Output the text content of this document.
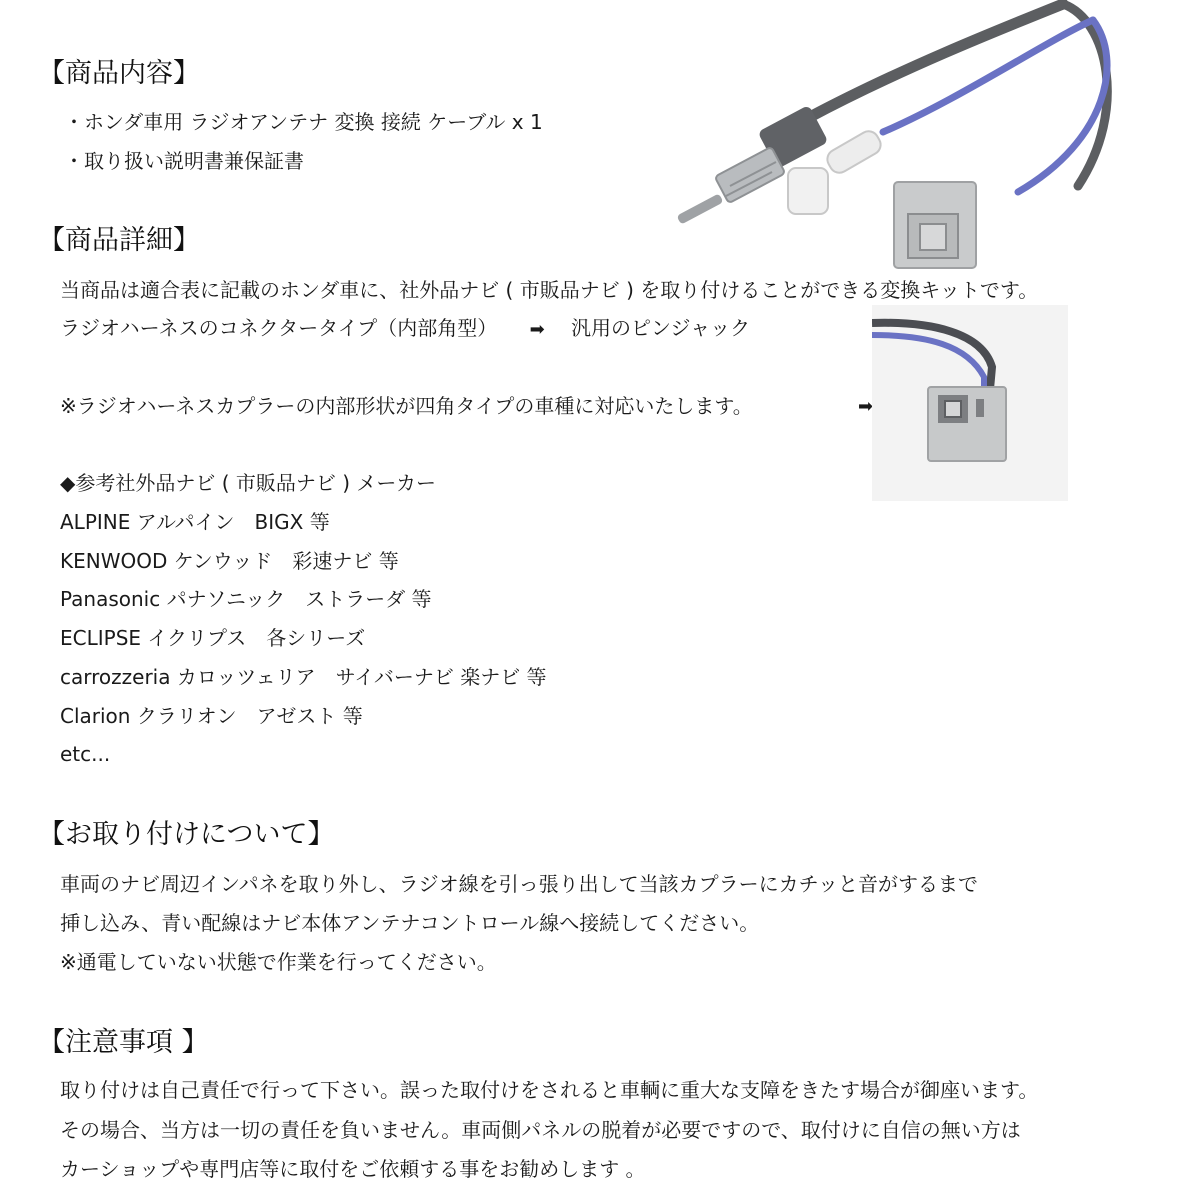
【商品内容】
・ホンダ車用 ラジオアンテナ 変換 接続 ケーブル x 1
・取り扱い説明書兼保証書
【商品詳細】
当商品は適合表に記載のホンダ車に、社外品ナビ ( 市販品ナビ ) を取り付けることができる変換キットです。
ラジオハーネスのコネクタータイプ（内部角型） ➡ 汎用のピンジャック
※ラジオハーネスカプラーの内部形状が四角タイプの車種に対応いたします。	➡
◆参考社外品ナビ ( 市販品ナビ ) メーカー
ALPINE アルパイン　BIGX 等
KENWOOD ケンウッド　彩速ナビ 等
Panasonic パナソニック　ストラーダ 等
ECLIPSE イクリプス　各シリーズ
carrozzeria カロッツェリア　サイバーナビ 楽ナビ 等
Clarion クラリオン　アゼスト 等
etc...
【お取り付けについて】
車両のナビ周辺インパネを取り外し、ラジオ線を引っ張り出して当該カプラーにカチッと音がするまで
挿し込み、青い配線はナビ本体アンテナコントロール線へ接続してください。
※通電していない状態で作業を行ってください。
【注意事項 】
取り付けは自己責任で行って下さい。誤った取付けをされると車輌に重大な支障をきたす場合が御座います。
その場合、当方は一切の責任を負いません。車両側パネルの脱着が必要ですので、取付けに自信の無い方は
カーショップや専門店等に取付をご依頼する事をお勧めします 。
